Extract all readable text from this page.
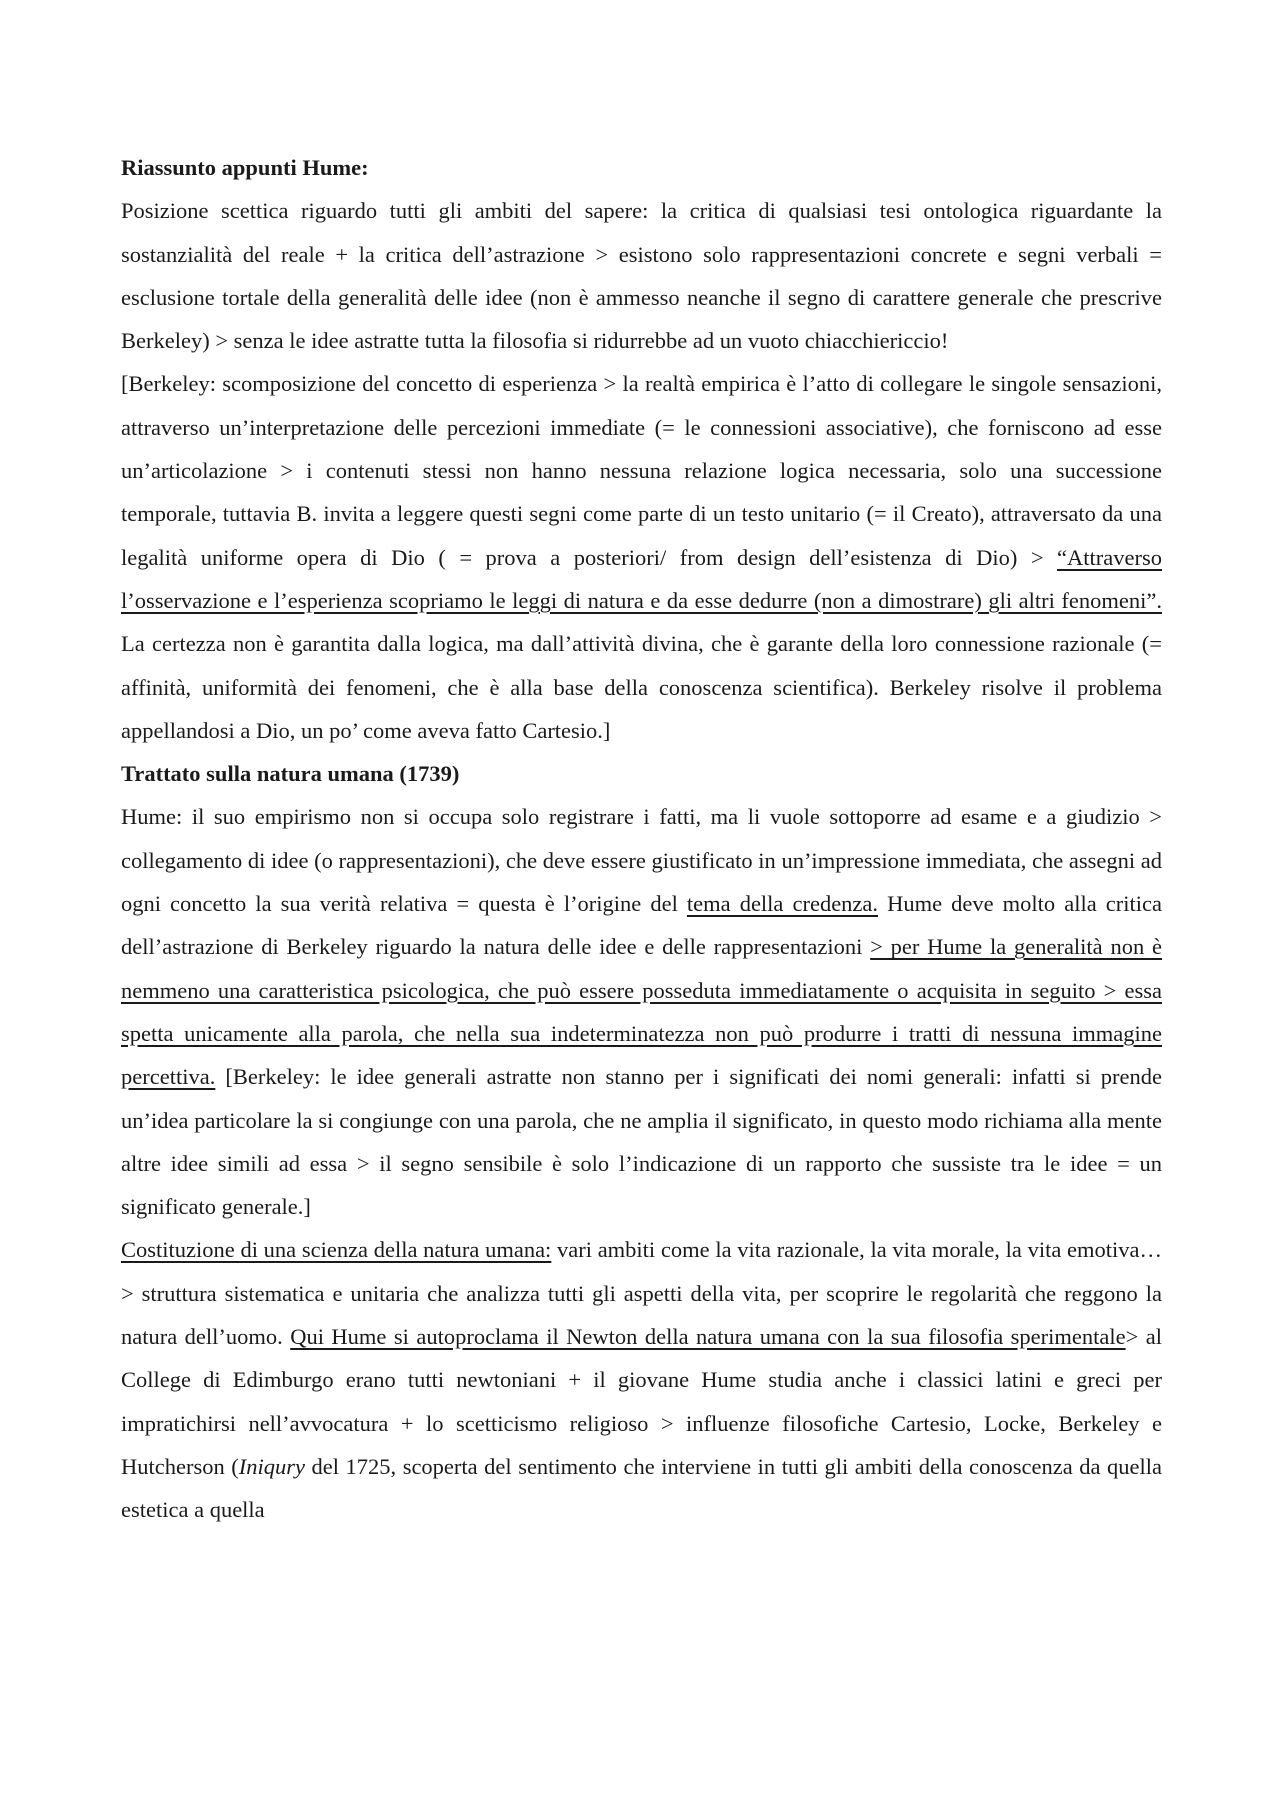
Riassunto appunti Hume:

Posizione scettica riguardo tutti gli ambiti del sapere: la critica di qualsiasi tesi ontologica riguardante la sostanzialità del reale + la critica dell’astrazione > esistono solo rappresentazioni concrete e segni verbali = esclusione tortale della generalità delle idee (non è ammesso neanche il segno di carattere generale che prescrive Berkeley) > senza le idee astratte tutta la filosofia si ridurrebbe ad un vuoto chiacchiericcio!

[Berkeley: scomposizione del concetto di esperienza > la realtà empirica è l’atto di collegare le singole sensazioni, attraverso un’interpretazione delle percezioni immediate (= le connessioni associative), che forniscono ad esse un’articolazione > i contenuti stessi non hanno nessuna relazione logica necessaria, solo una successione temporale, tuttavia B. invita a leggere questi segni come parte di un testo unitario (= il Creato), attraversato da una legalità uniforme opera di Dio ( = prova a posteriori/ from design dell’esistenza di Dio) > “Attraverso l’osservazione e l’esperienza scopriamo le leggi di natura e da esse dedurre (non a dimostrare) gli altri fenomeni”. La certezza non è garantita dalla logica, ma dall’attività divina, che è garante della loro connessione razionale (= affinità, uniformità dei fenomeni, che è alla base della conoscenza scientifica). Berkeley risolve il problema appellandosi a Dio, un po’ come aveva fatto Cartesio.]

Trattato sulla natura umana (1739)

Hume: il suo empirismo non si occupa solo registrare i fatti, ma li vuole sottoporre ad esame e a giudizio > collegamento di idee (o rappresentazioni), che deve essere giustificato in un’impressione immediata, che assegni ad ogni concetto la sua verità relativa = questa è l’origine del tema della credenza. Hume deve molto alla critica dell’astrazione di Berkeley riguardo la natura delle idee e delle rappresentazioni > per Hume la generalità non è nemmeno una caratteristica psicologica, che può essere posseduta immediatamente o acquisita in seguito > essa spetta unicamente alla parola, che nella sua indeterminatezza non può produrre i tratti di nessuna immagine percettiva. [Berkeley: le idee generali astratte non stanno per i significati dei nomi generali: infatti si prende un’idea particolare la si congiunge con una parola, che ne amplia il significato, in questo modo richiama alla mente altre idee simili ad essa > il segno sensibile è solo l’indicazione di un rapporto che sussiste tra le idee = un significato generale.]

Costituzione di una scienza della natura umana: vari ambiti come la vita razionale, la vita morale, la vita emotiva… > struttura sistematica e unitaria che analizza tutti gli aspetti della vita, per scoprire le regolarità che reggono la natura dell’uomo. Qui Hume si autoproclama il Newton della natura umana con la sua filosofia sperimentale> al College di Edimburgo erano tutti newtoniani + il giovane Hume studia anche i classici latini e greci per impratichirsi nell’avvocatura + lo scetticismo religioso > influenze filosofiche Cartesio, Locke, Berkeley e Hutcherson (Iniqury del 1725, scoperta del sentimento che interviene in tutti gli ambiti della conoscenza da quella estetica a quella
